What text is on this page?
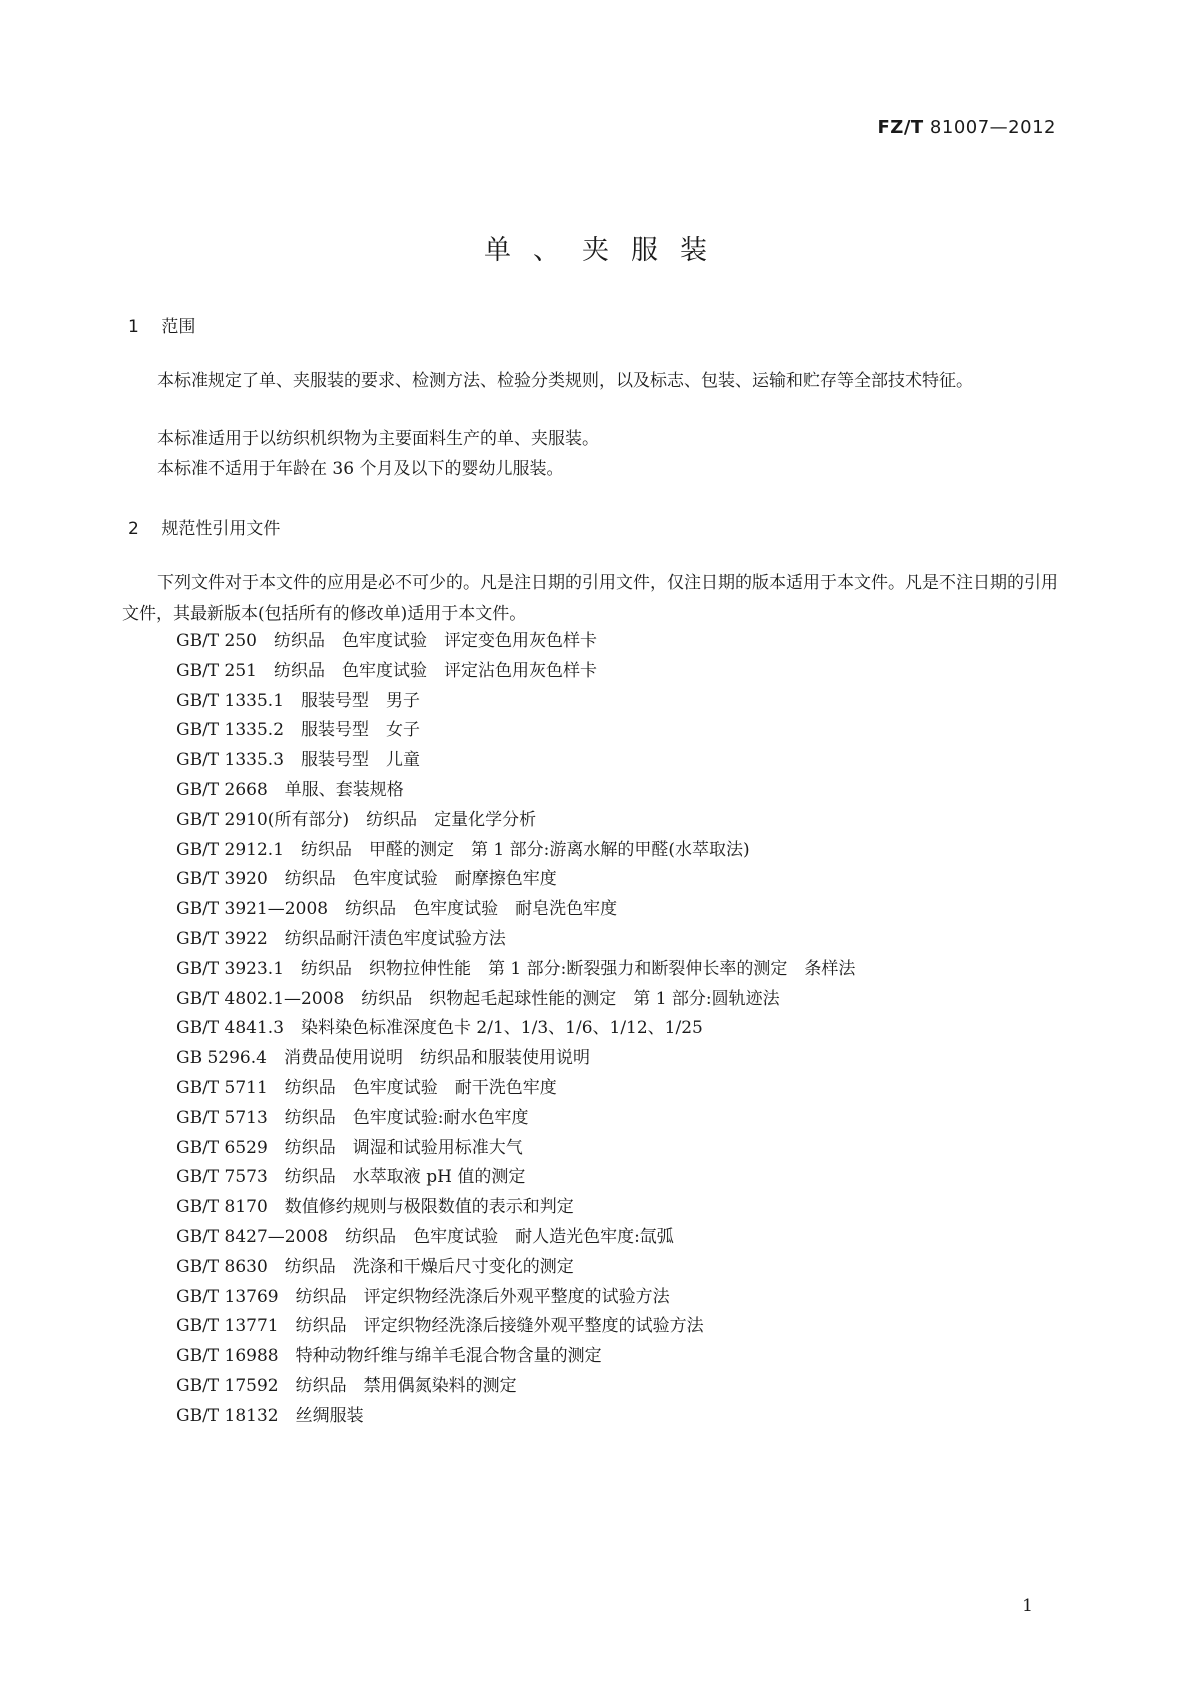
FZ/T 81007—2012
单、夹服装
1 范围

本标准规定了单、夹服装的要求、检测方法、检验分类规则，以及标志、包装、运输和贮存等全部技术特征。

本标准适用于以纺织机织物为主要面料生产的单、夹服装。

本标准不适用于年龄在 36 个月及以下的婴幼儿服装。

2 规范性引用文件

下列文件对于本文件的应用是必不可少的。凡是注日期的引用文件，仅注日期的版本适用于本文件。凡是不注日期的引用文件，其最新版本(包括所有的修改单)适用于本文件。

GB/T 250　纺织品　色牢度试验　评定变色用灰色样卡
GB/T 251　纺织品　色牢度试验　评定沾色用灰色样卡
GB/T 1335.1　服装号型　男子
GB/T 1335.2　服装号型　女子
GB/T 1335.3　服装号型　儿童
GB/T 2668　单服、套装规格
GB/T 2910(所有部分)　纺织品　定量化学分析
GB/T 2912.1　纺织品　甲醛的测定　第 1 部分:游离水解的甲醛(水萃取法)
GB/T 3920　纺织品　色牢度试验　耐摩擦色牢度
GB/T 3921—2008　纺织品　色牢度试验　耐皂洗色牢度
GB/T 3922　纺织品耐汗渍色牢度试验方法
GB/T 3923.1　纺织品　织物拉伸性能　第 1 部分:断裂强力和断裂伸长率的测定　条样法
GB/T 4802.1—2008　纺织品　织物起毛起球性能的测定　第 1 部分:圆轨迹法
GB/T 4841.3　染料染色标准深度色卡 2/1、1/3、1/6、1/12、1/25
GB 5296.4　消费品使用说明　纺织品和服装使用说明
GB/T 5711　纺织品　色牢度试验　耐干洗色牢度
GB/T 5713　纺织品　色牢度试验:耐水色牢度
GB/T 6529　纺织品　调湿和试验用标准大气
GB/T 7573　纺织品　水萃取液 pH 值的测定
GB/T 8170　数值修约规则与极限数值的表示和判定
GB/T 8427—2008　纺织品　色牢度试验　耐人造光色牢度:氙弧
GB/T 8630　纺织品　洗涤和干燥后尺寸变化的测定
GB/T 13769　纺织品　评定织物经洗涤后外观平整度的试验方法
GB/T 13771　纺织品　评定织物经洗涤后接缝外观平整度的试验方法
GB/T 16988　特种动物纤维与绵羊毛混合物含量的测定
GB/T 17592　纺织品　禁用偶氮染料的测定
GB/T 18132　丝绸服装
1
